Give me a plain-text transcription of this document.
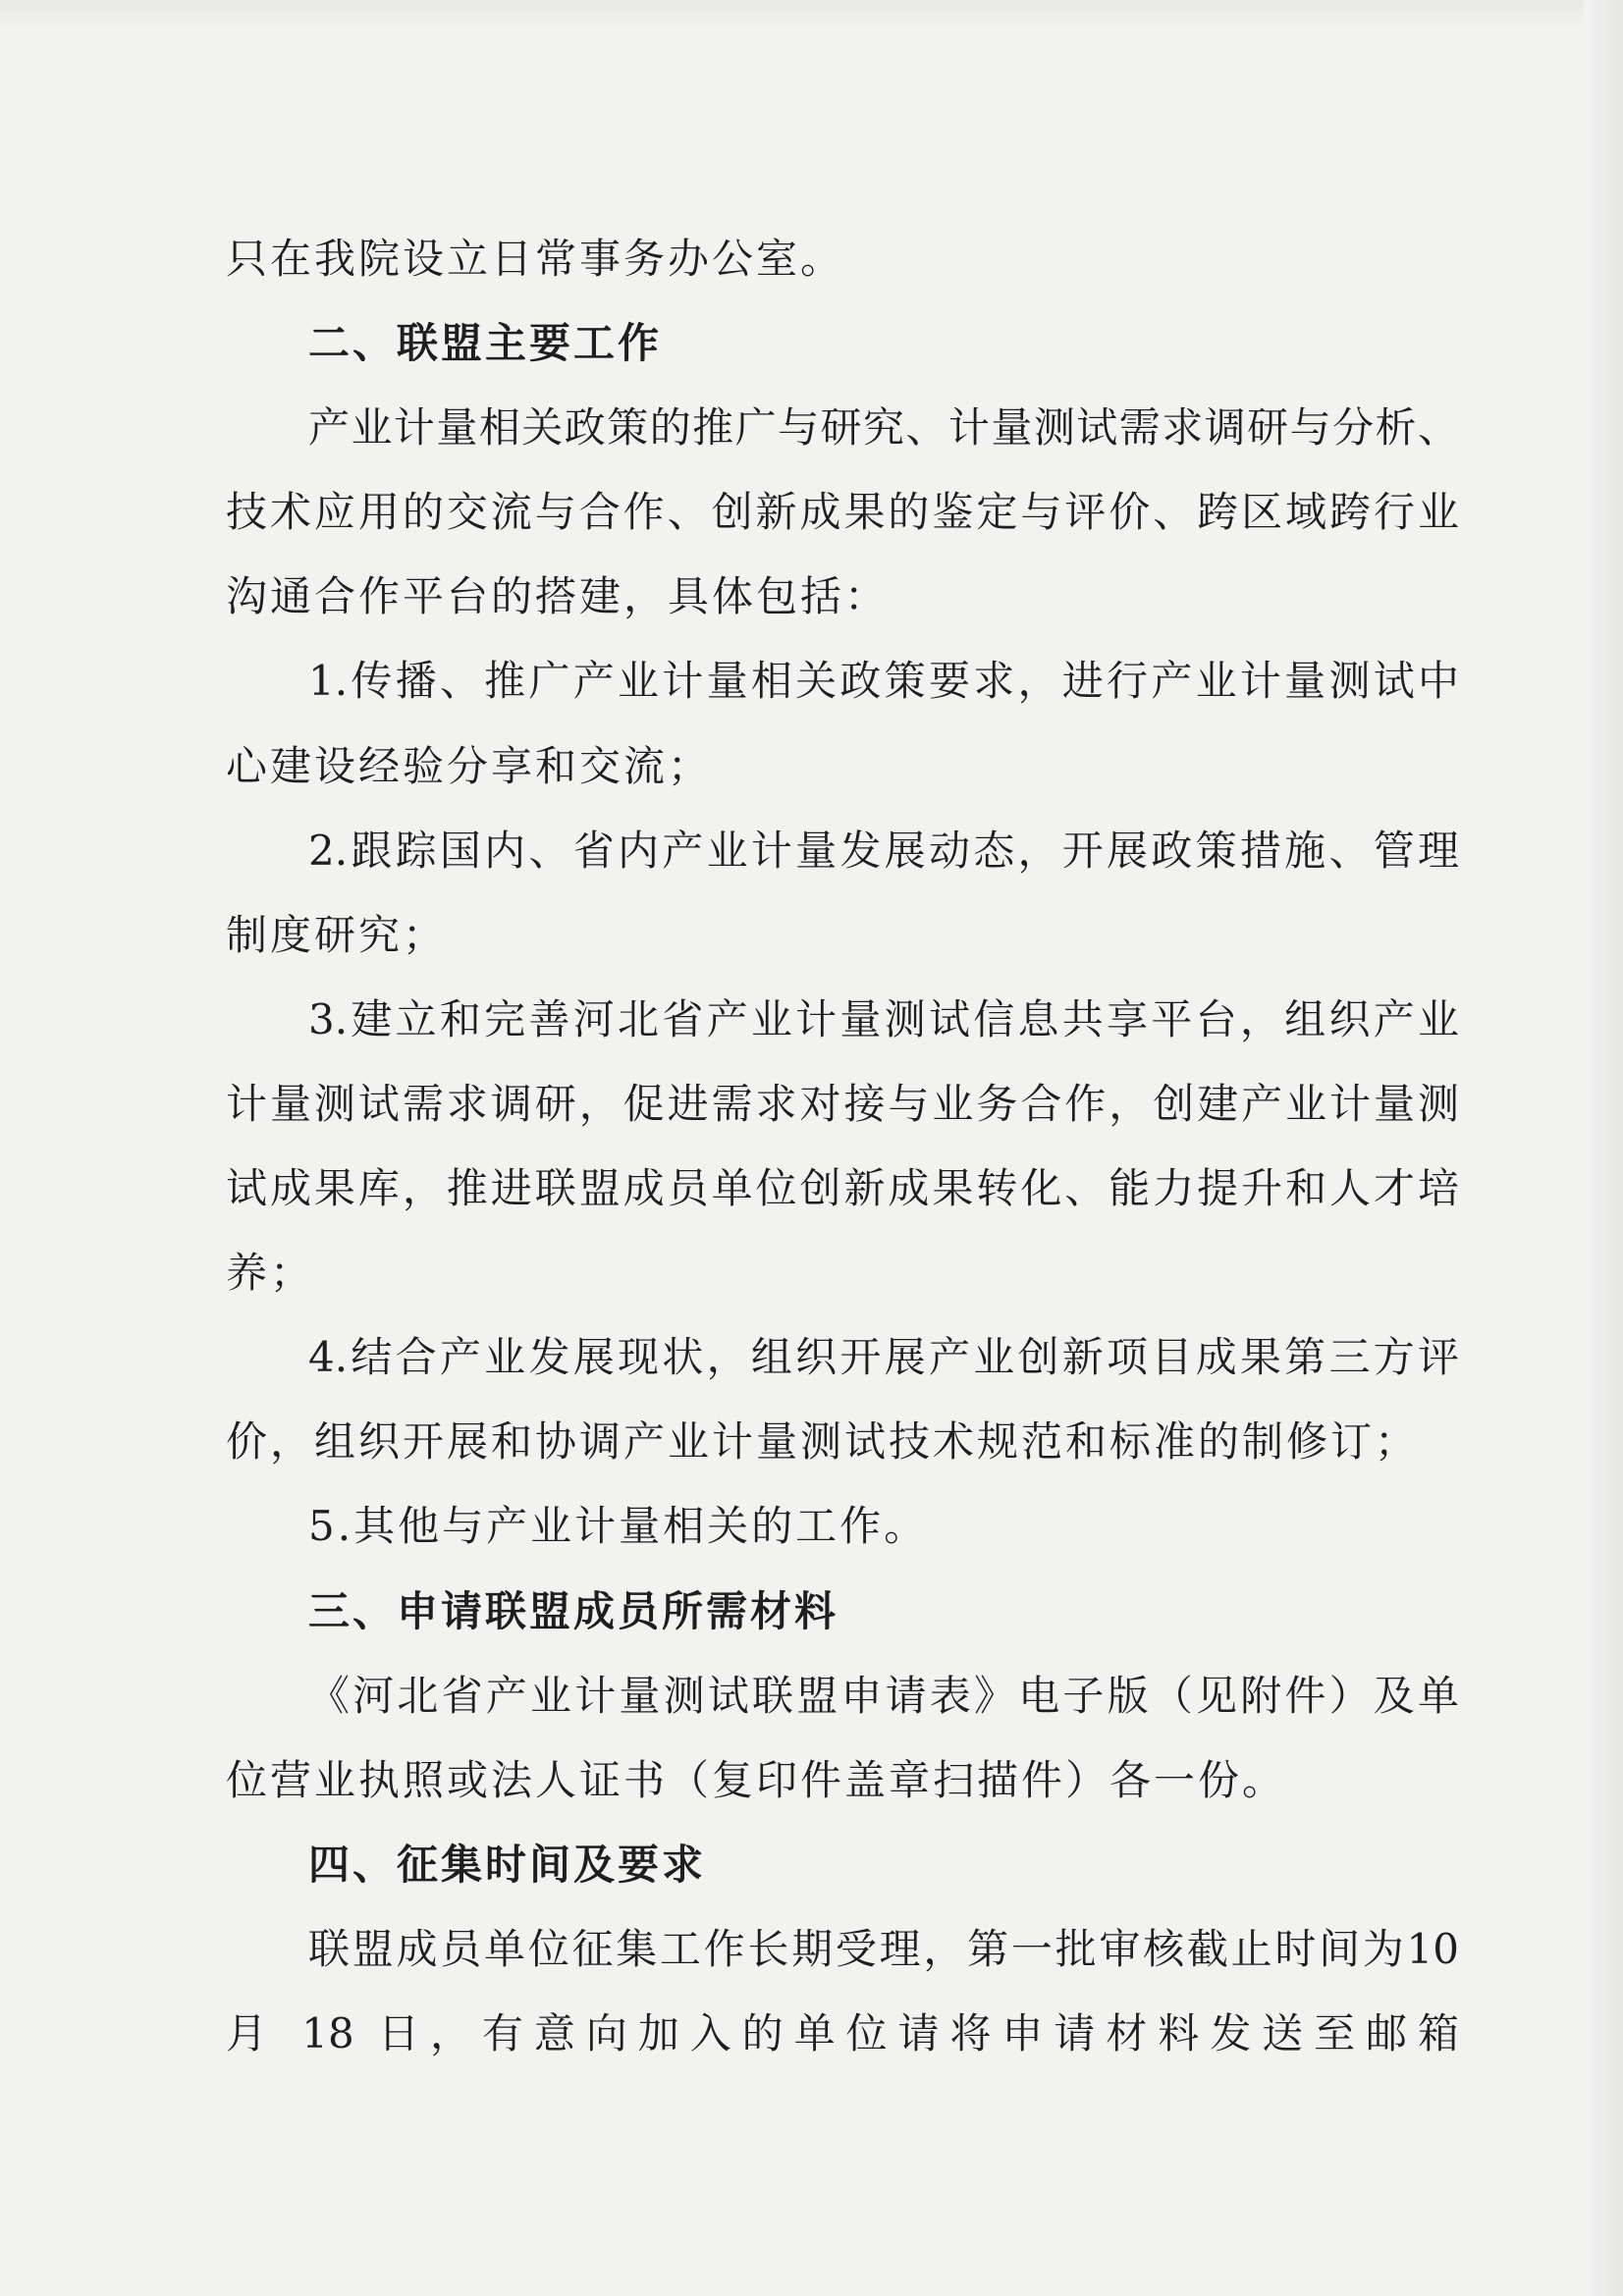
只在我院设立日常事务办公室。
二、联盟主要工作
产业计量相关政策的推广与研究、计量测试需求调研与分析、
技术应用的交流与合作、创新成果的鉴定与评价、跨区域跨行业
沟通合作平台的搭建，具体包括：
1.传播、推广产业计量相关政策要求，进行产业计量测试中
心建设经验分享和交流；
2.跟踪国内、省内产业计量发展动态，开展政策措施、管理
制度研究；
3.建立和完善河北省产业计量测试信息共享平台，组织产业
计量测试需求调研，促进需求对接与业务合作，创建产业计量测
试成果库，推进联盟成员单位创新成果转化、能力提升和人才培
养；
4.结合产业发展现状，组织开展产业创新项目成果第三方评
价，组织开展和协调产业计量测试技术规范和标准的制修订；
5.其他与产业计量相关的工作。
三、申请联盟成员所需材料
《河北省产业计量测试联盟申请表》电子版（见附件）及单
位营业执照或法人证书（复印件盖章扫描件）各一份。
四、征集时间及要求
联盟成员单位征集工作长期受理，第一批审核截止时间为10
月 18 日，有意向加入的单位请将申请材料发送至邮箱
